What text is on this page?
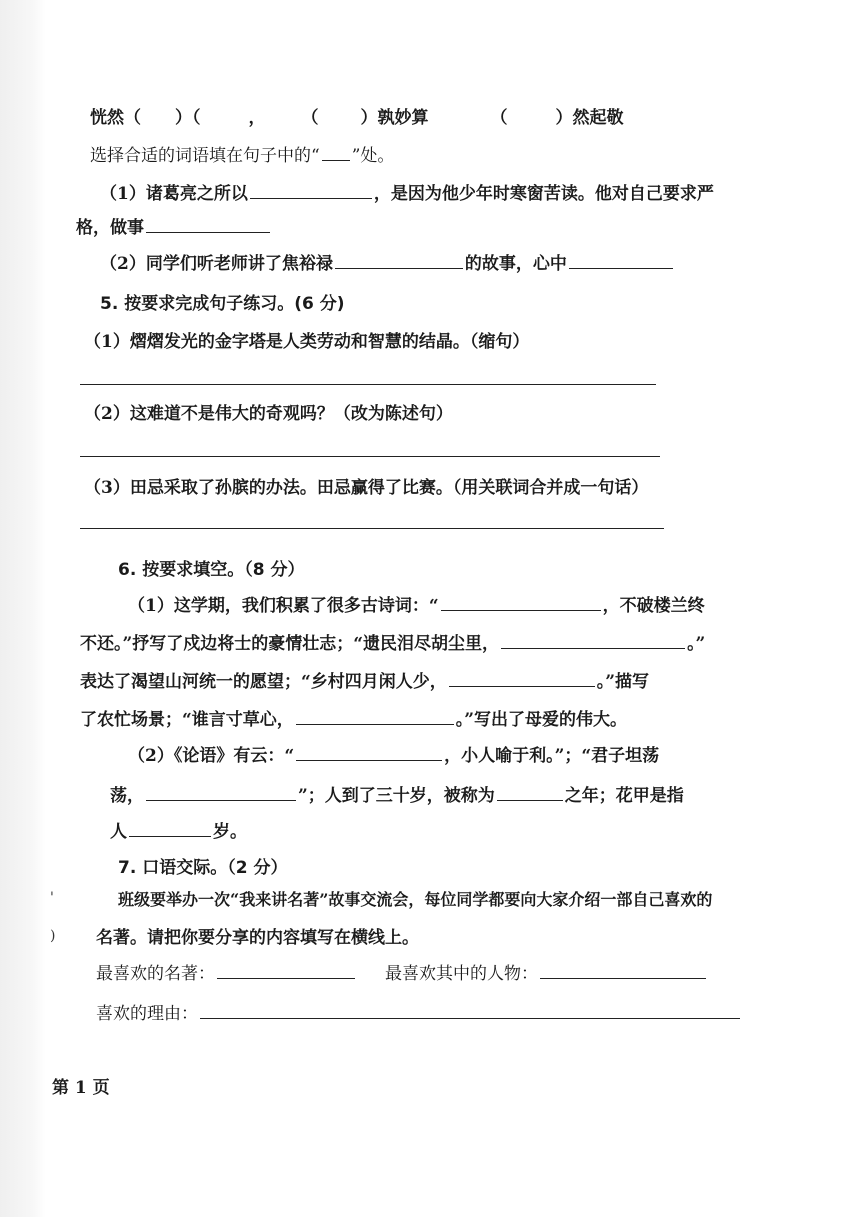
恍然（ ）（	， （ ）孰妙算	（	）然起敬
选择合适的词语填在句子中的“ ”处。
（1）诸葛亮之所以	，是因为他少年时寒窗苦读。他对自己要求严
格，做事
（2）同学们听老师讲了焦裕禄	的故事，心中
5. 按要求完成句子练习。(6 分)
（1）熠熠发光的金字塔是人类劳动和智慧的结晶。（缩句）
（2）这难道不是伟大的奇观吗？（改为陈述句）
（3）田忌采取了孙膑的办法。田忌赢得了比赛。（用关联词合并成一句话）
6. 按要求填空。（8 分）
（1）这学期，我们积累了很多古诗词：“	，不破楼兰终
不还。”抒写了戍边将士的豪情壮志；“遗民泪尽胡尘里，	。”
表达了渴望山河统一的愿望；“乡村四月闲人少，	。”描写
了农忙场景；“谁言寸草心，	。”写出了母爱的伟大。
（2）《论语》有云：“	，小人喻于利。”；“君子坦荡
荡，	”；人到了三十岁，被称为	之年；花甲是指
人	岁。
7. 口语交际。（2 分）
班级要举办一次“我来讲名著”故事交流会，每位同学都要向大家介绍一部自己喜欢的
'
) 名著。请把你要分享的内容填写在横线上。
最喜欢的名著：	最喜欢其中的人物：
喜欢的理由：
第 1 页
